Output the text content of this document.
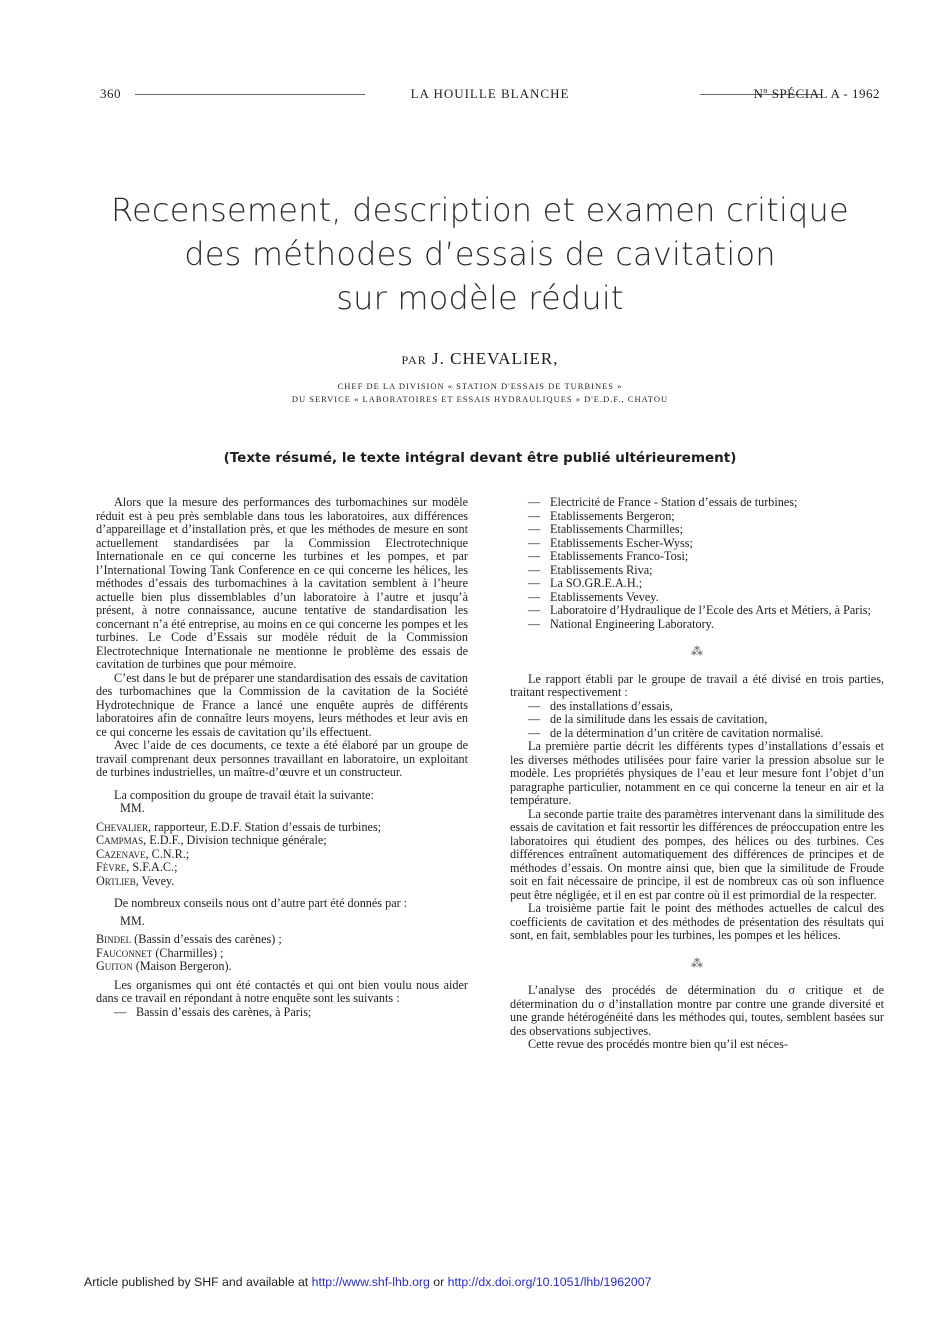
360	LA HOUILLE BLANCHE	Nº SPÉCIAL A - 1962
Recensement, description et examen critique
des méthodes d’essais de cavitation
sur modèle réduit
PAR J. CHEVALIER,
CHEF DE LA DIVISION « STATION D'ESSAIS DE TURBINES »
DU SERVICE « LABORATOIRES ET ESSAIS HYDRAULIQUES » D'E.D.F., CHATOU
(Texte résumé, le texte intégral devant être publié ultérieurement)

Alors que la mesure des performances des turbomachines sur modèle réduit est à peu près semblable dans tous les laboratoires, aux différences d’appareillage et d’installation près, et que les méthodes de mesure en sont actuellement standardisées par la Commission Electrotechnique Internationale en ce qui concerne les turbines et les pompes, et par l’International Towing Tank Conference en ce qui concerne les hélices, les méthodes d’essais des turbomachines à la cavitation semblent à l’heure actuelle bien plus dissemblables d’un laboratoire à l’autre et jusqu’à présent, à notre connaissance, aucune tentative de standardisation les concernant n’a été entreprise, au moins en ce qui concerne les pompes et les turbines. Le Code d’Essais sur modèle réduit de la Commission Electrotechnique Internationale ne mentionne le problème des essais de cavitation de turbines que pour mémoire.

C’est dans le but de préparer une standardisation des essais de cavitation des turbomachines que la Commission de la cavitation de la Société Hydrotechnique de France a lancé une enquête auprès de différents laboratoires afin de connaître leurs moyens, leurs méthodes et leur avis en ce qui concerne les essais de cavitation qu’ils effectuent.

Avec l’aide de ces documents, ce texte a été élaboré par un groupe de travail comprenant deux personnes travaillant en laboratoire, un exploitant de turbines industrielles, un maître-d’œuvre et un constructeur.

La composition du groupe de travail était la suivante:

MM.

Chevalier, rapporteur, E.D.F. Station d’essais de turbines;

Campmas, E.D.F., Division technique générale;

Cazenave, C.N.R.;

Fèvre, S.F.A.C.;

Ortlieb, Vevey.

De nombreux conseils nous ont d’autre part été donnés par :

MM.

Bindel (Bassin d’essais des carènes) ;

Fauconnet (Charmilles) ;

Guiton (Maison Bergeron).

Les organismes qui ont été contactés et qui ont bien voulu nous aider dans ce travail en répondant à notre enquête sont les suivants :

— Bassin d’essais des carènes, à Paris;

— Electricité de France - Station d’essais de turbines;

— Etablissements Bergeron;

— Etablissements Charmilles;

— Etablissements Escher-Wyss;

— Etablissements Franco-Tosi;

— Etablissements Riva;

— La SO.GR.E.A.H.;

— Etablissements Vevey.

— Laboratoire d’Hydraulique de l’Ecole des Arts et Métiers, à Paris;

— National Engineering Laboratory.

⁂

Le rapport établi par le groupe de travail a été divisé en trois parties, traitant respectivement :

— des installations d’essais,

— de la similitude dans les essais de cavitation,

— de la détermination d’un critère de cavitation normalisé.

La première partie décrit les différents types d’installations d’essais et les diverses méthodes utilisées pour faire varier la pression absolue sur le modèle. Les propriétés physiques de l’eau et leur mesure font l’objet d’un paragraphe particulier, notamment en ce qui concerne la teneur en air et la température.

La seconde partie traite des paramètres intervenant dans la similitude des essais de cavitation et fait ressortir les différences de préoccupation entre les laboratoires qui étudient des pompes, des hélices ou des turbines. Ces différences entraînent automatiquement des différences de principes et de méthodes d’essais. On montre ainsi que, bien que la similitude de Froude soit en fait nécessaire de principe, il est de nombreux cas où son influence peut être négligée, et il en est par contre où il est primordial de la respecter.

La troisième partie fait le point des méthodes actuelles de calcul des coefficients de cavitation et des méthodes de présentation des résultats qui sont, en fait, semblables pour les turbines, les pompes et les hélices.

⁂

L’analyse des procédés de détermination du σ critique et de détermination du σ d’installation montre par contre une grande diversité et une grande hétérogénéité dans les méthodes qui, toutes, semblent basées sur des observations subjectives.

Cette revue des procédés montre bien qu’il est néces-

Article published by SHF and available at http://www.shf-lhb.org or http://dx.doi.org/10.1051/lhb/1962007
